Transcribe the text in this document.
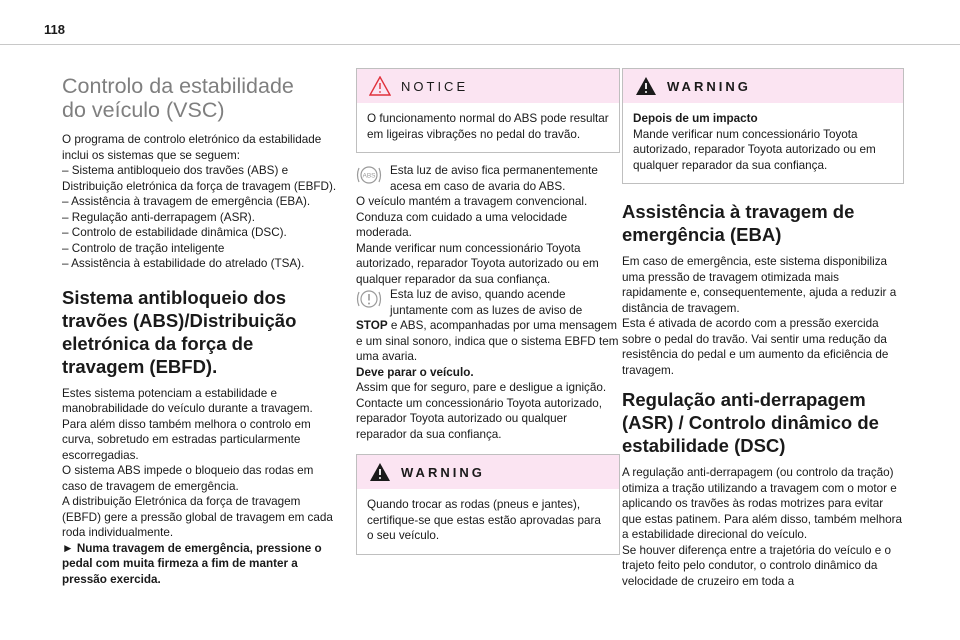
118
Controlo da estabilidade
do veículo (VSC)

O programa de controlo eletrónico da estabilidade inclui os sistemas que se seguem:

– Sistema antibloqueio dos travões (ABS) e Distribuição eletrónica da força de travagem (EBFD).
– Assistência à travagem de emergência (EBA).
– Regulação anti-derrapagem (ASR).
– Controlo de estabilidade dinâmica (DSC).
– Controlo de tração inteligente
– Assistência à estabilidade do atrelado (TSA).
Sistema antibloqueio dos travões (ABS)/Distribuição eletrónica da força de travagem (EBFD).

Estes sistema potenciam a estabilidade e manobrabilidade do veículo durante a travagem. Para além disso também melhora o controlo em curva, sobretudo em estradas particularmente escorregadias.

O sistema ABS impede o bloqueio das rodas em caso de travagem de emergência.

A distribuição Eletrónica da força de travagem (EBFD) gere a pressão global de travagem em cada roda individualmente.

► Numa travagem de emergência, pressione o pedal com muita firmeza a fim de manter a pressão exercida.

NOTICE
O funcionamento normal do ABS pode resultar em ligeiras vibrações no pedal do travão.
ABS Esta luz de aviso fica permanentemente acesa em caso de avaria do ABS.

O veículo mantém a travagem convencional. Conduza com cuidado a uma velocidade moderada.

Mande verificar num concessionário Toyota autorizado, reparador Toyota autorizado ou em qualquer reparador da sua confiança.

Esta luz de aviso, quando acende juntamente com as luzes de aviso de

STOP e ABS, acompanhadas por uma mensagem e um sinal sonoro, indica que o sistema EBFD tem uma avaria.

Deve parar o veículo.

Assim que for seguro, pare e desligue a ignição. Contacte um concessionário Toyota autorizado, reparador Toyota autorizado ou qualquer reparador da sua confiança.

WARNING
Quando trocar as rodas (pneus e jantes), certifique-se que estas estão aprovadas para o seu veículo.
WARNING
Depois de um impacto
Mande verificar num concessionário Toyota autorizado, reparador Toyota autorizado ou em qualquer reparador da sua confiança.
Assistência à travagem de emergência (EBA)

Em caso de emergência, este sistema disponibiliza uma pressão de travagem otimizada mais rapidamente e, consequentemente, ajuda a reduzir a distância de travagem.

Esta é ativada de acordo com a pressão exercida sobre o pedal do travão. Vai sentir uma redução da resistência do pedal e um aumento da eficiência de travagem.

Regulação anti-derrapagem (ASR) / Controlo dinâmico de estabilidade (DSC)

A regulação anti-derrapagem (ou controlo da tração) otimiza a tração utilizando a travagem com o motor e aplicando os travões às rodas motrizes para evitar que estas patinem. Para além disso, também melhora a estabilidade direcional do veículo.

Se houver diferença entre a trajetória do veículo e o trajeto feito pelo condutor, o controlo dinâmico da velocidade de cruzeiro em toda a
